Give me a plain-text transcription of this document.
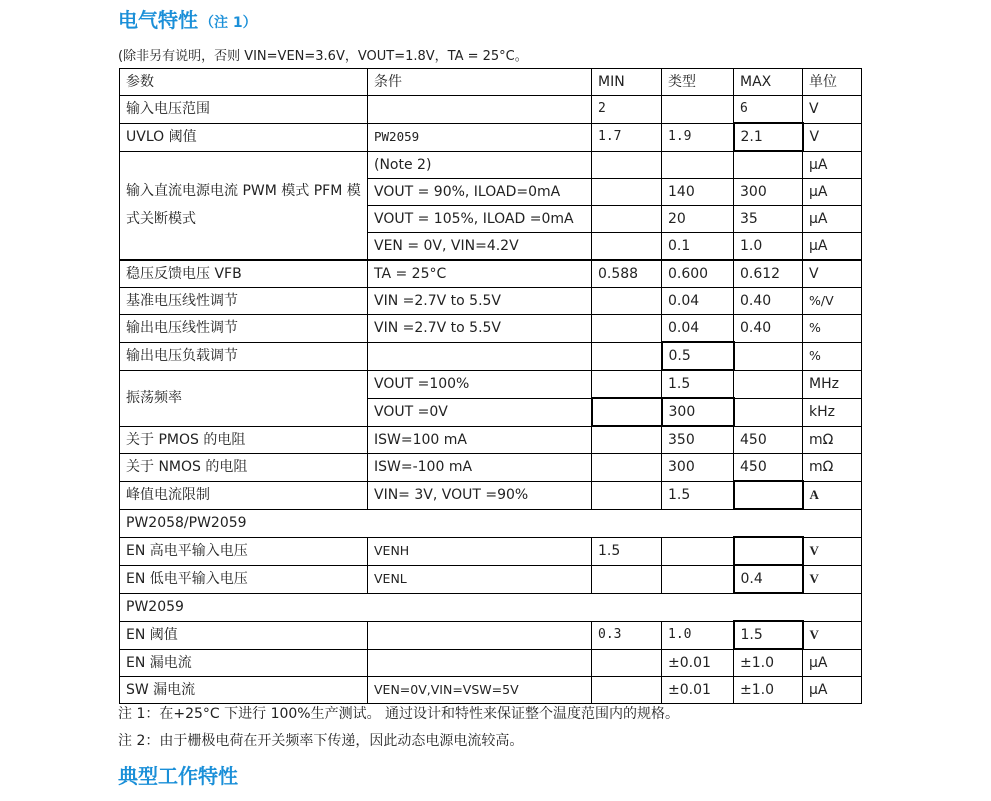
电气特性 （注 1）
(除非另有说明，否则 VIN=VEN=3.6V，VOUT=1.8V，TA = 25°C。
参数	条件	MIN	类型	MAX	单位
输入电压范围		2		6	V
UVLO 阈值	PW2059	1.7	1.9	2.1	V
输入直流电源电流 PWM 模式 PFM 模式关断模式	(Note 2)				μA
	VOUT = 90%, ILOAD=0mA		140	300	μA
	VOUT = 105%, ILOAD =0mA		20	35	μA
	VEN = 0V, VIN=4.2V		0.1	1.0	μA
稳压反馈电压 VFB	TA = 25°C	0.588	0.600	0.612	V
基准电压线性调节	VIN =2.7V to 5.5V		0.04	0.40	%/V
输出电压线性调节	VIN =2.7V to 5.5V		0.04	0.40	%
输出电压负载调节			0.5		%
振荡频率	VOUT =100%		1.5		MHz
	VOUT =0V		300		kHz
关于 PMOS 的电阻	ISW=100 mA		350	450	mΩ
关于 NMOS 的电阻	ISW=-100 mA		300	450	mΩ
峰值电流限制	VIN= 3V, VOUT =90%		1.5		A
PW2058/PW2059					
EN 高电平输入电压	VENH	1.5			V
EN 低电平输入电压	VENL			0.4	V
PW2059					
EN 阈值		0.3	1.0	1.5	V
EN 漏电流			±0.01	±1.0	μA
SW 漏电流	VEN=0V,VIN=VSW=5V		±0.01	±1.0	μA
注 1：在+25°C 下进行 100%生产测试。 通过设计和特性来保证整个温度范围内的规格。
注 2：由于栅极电荷在开关频率下传递，因此动态电源电流较高。
典型工作特性
